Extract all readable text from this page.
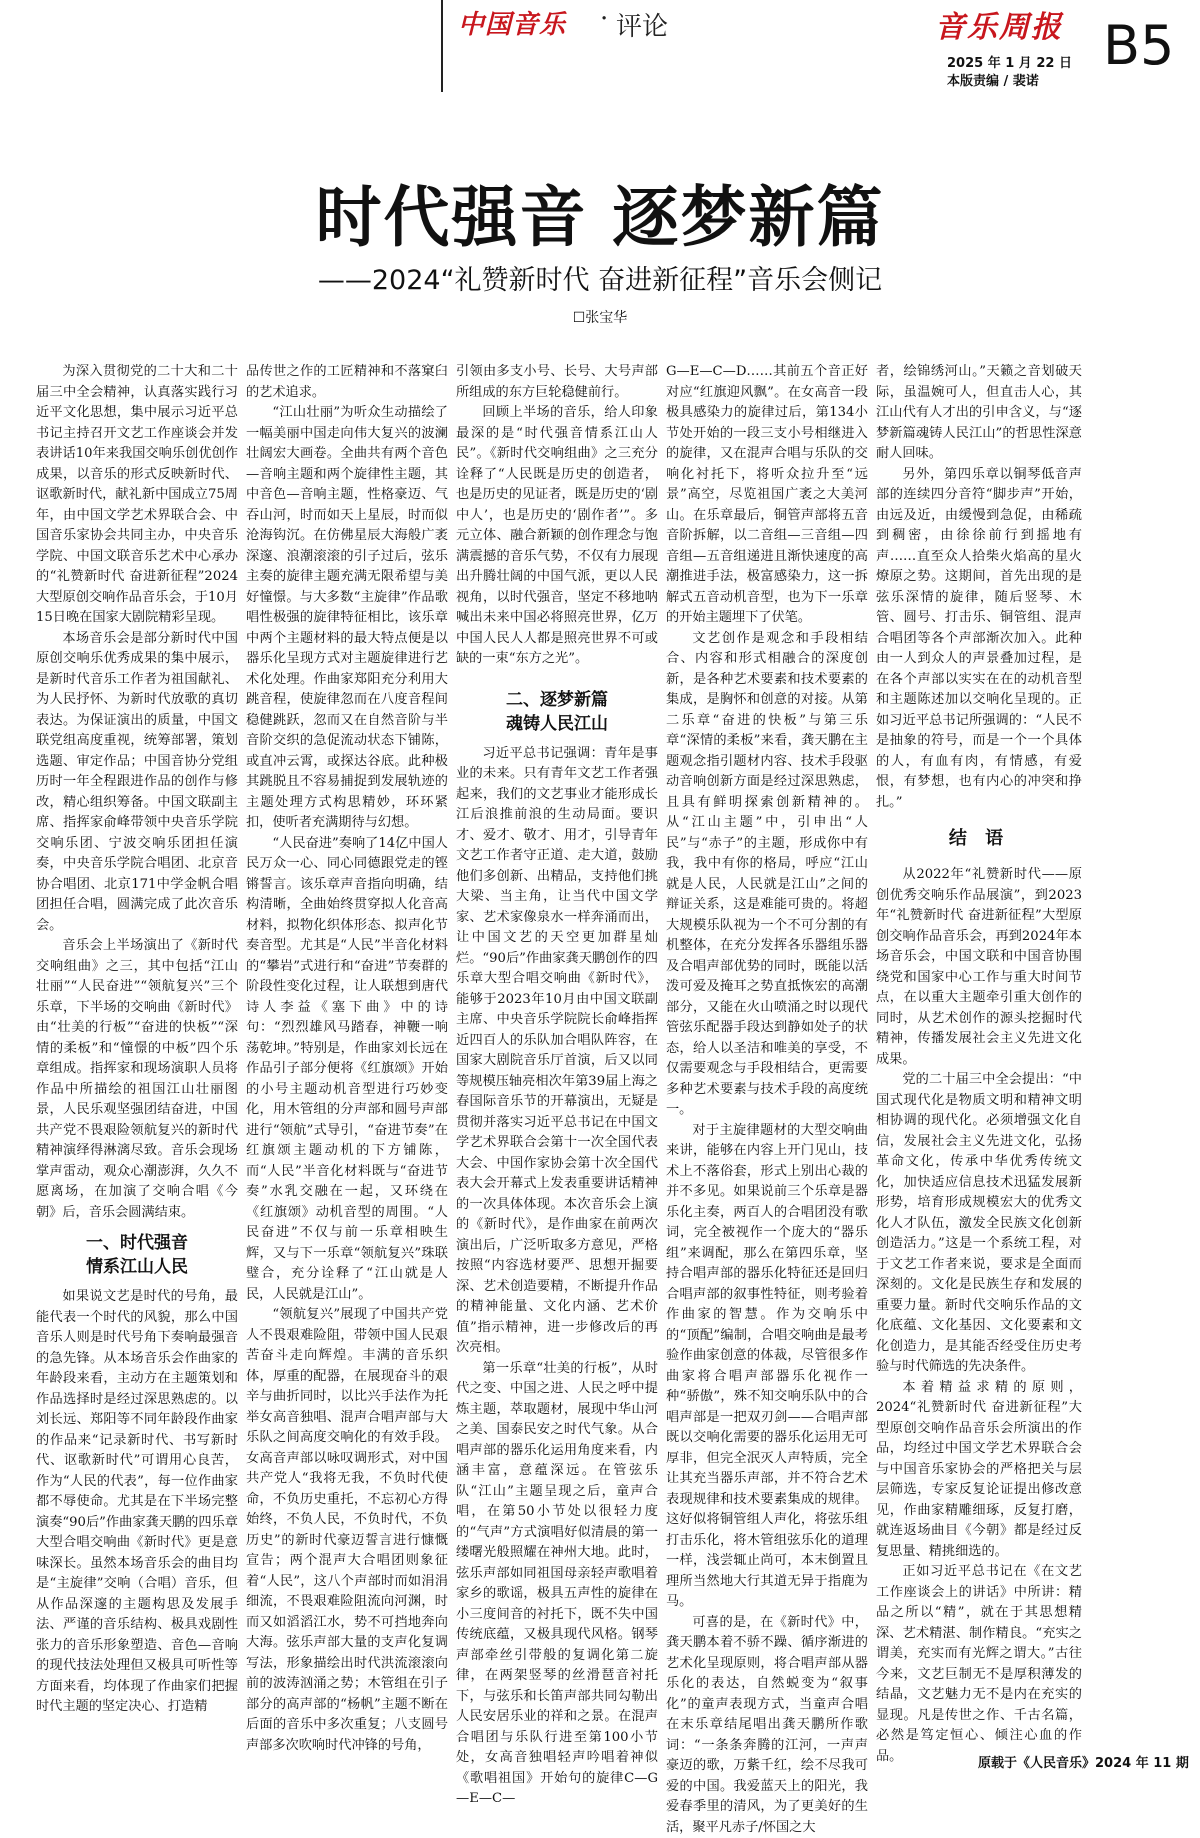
中国音乐 · 评论	音乐周报
2025 年 1 月 22 日
本版责编 / 裴诺
B5
时代强音 逐梦新篇
——2024“礼赞新时代 奋进新征程”音乐会侧记
☐张宝华

为深入贯彻党的二十大和二十届三中全会精神，认真落实践行习近平文化思想，集中展示习近平总书记主持召开文艺工作座谈会并发表讲话10年来我国交响乐创优创作成果，以音乐的形式反映新时代、讴歌新时代，献礼新中国成立75周年，由中国文学艺术界联合会、中国音乐家协会共同主办，中央音乐学院、中国文联音乐艺术中心承办的“礼赞新时代 奋进新征程”2024大型原创交响作品音乐会，于10月15日晚在国家大剧院精彩呈现。

本场音乐会是部分新时代中国原创交响乐优秀成果的集中展示，是新时代音乐工作者为祖国献礼、为人民抒怀、为新时代放歌的真切表达。为保证演出的质量，中国文联党组高度重视，统筹部署，策划选题、审定作品；中国音协分党组历时一年全程跟进作品的创作与修改，精心组织筹备。中国文联副主席、指挥家俞峰带领中央音乐学院交响乐团、宁波交响乐团担任演奏，中央音乐学院合唱团、北京音协合唱团、北京171中学金帆合唱团担任合唱，圆满完成了此次音乐会。

音乐会上半场演出了《新时代交响组曲》之三，其中包括“江山壮丽”“人民奋进”“领航复兴”三个乐章，下半场的交响曲《新时代》由“壮美的行板”“奋进的快板”“深情的柔板”和“憧憬的中板”四个乐章组成。指挥家和现场演职人员将作品中所描绘的祖国江山壮丽图景，人民乐观坚强团结奋进，中国共产党不畏艰险领航复兴的新时代精神演绎得淋漓尽致。音乐会现场掌声雷动，观众心潮澎湃，久久不愿离场，在加演了交响合唱《今朝》后，音乐会圆满结束。

一、时代强音
情系江山人民

如果说文艺是时代的号角，最能代表一个时代的风貌，那么中国音乐人则是时代号角下奏响最强音的急先锋。从本场音乐会作曲家的年龄段来看，主动方在主题策划和作品选择时是经过深思熟虑的。以刘长远、郑阳等不同年龄段作曲家的作品来“记录新时代、书写新时代、讴歌新时代”可谓用心良苦，作为“人民的代表”，每一位作曲家都不辱使命。尤其是在下半场完整演奏“90后”作曲家龚天鹏的四乐章大型合唱交响曲《新时代》更是意味深长。虽然本场音乐会的曲目均是“主旋律”交响（合唱）音乐，但从作品深邃的主题构思及发展手法、严谨的音乐结构、极具戏剧性张力的音乐形象塑造、音色—音响的现代技法处理但又极具可听性等方面来看，均体现了作曲家们把握时代主题的坚定决心、打造精

品传世之作的工匠精神和不落窠臼的艺术追求。

“江山壮丽”为听众生动描绘了一幅美丽中国走向伟大复兴的波澜壮阔宏大画卷。全曲共有两个音色—音响主题和两个旋律性主题，其中音色—音响主题，性格豪迈、气吞山河，时而如天上星辰，时而似沧海钩沉。在仿佛星辰大海般广袤深邃、浪潮滚滚的引子过后，弦乐主奏的旋律主题充满无限希望与美好憧憬。与大多数“主旋律”作品歌唱性极强的旋律特征相比，该乐章中两个主题材料的最大特点便是以器乐化呈现方式对主题旋律进行艺术化处理。作曲家郑阳充分利用大跳音程，使旋律忽而在八度音程间稳健跳跃，忽而又在自然音阶与半音阶交织的急促流动状态下铺陈，或直冲云霄，或探达谷底。此种极其跳脱且不容易捕捉到发展轨迹的主题处理方式构思精妙，环环紧扣，使听者充满期待与幻想。

“人民奋进”奏响了14亿中国人民万众一心、同心同德跟党走的铿锵誓言。该乐章声音指向明确，结构清晰，全曲始终贯穿拟人化音高材料，拟物化织体形态、拟声化节奏音型。尤其是“人民”半音化材料的“攀岩”式进行和“奋进”节奏群的阶段性变化过程，让人联想到唐代诗人李益《塞下曲》中的诗句：“烈烈雄风马踏春，神鞭一响荡乾坤。”特别是，作曲家刘长远在作品引子部分便将《红旗颂》开始的小号主题动机音型进行巧妙变化，用木管组的分声部和圆号声部进行“领航”式导引，“奋进节奏”在红旗颂主题动机的下方铺陈，而“人民”半音化材料既与“奋进节奏”水乳交融在一起，又环绕在《红旗颂》动机音型的周围。“人民奋进”不仅与前一乐章相映生辉，又与下一乐章“领航复兴”珠联璧合，充分诠释了“江山就是人民，人民就是江山”。

“领航复兴”展现了中国共产党人不畏艰难险阻，带领中国人民艰苦奋斗走向辉煌。丰满的音乐织体，厚重的配器，在展现奋斗的艰辛与曲折同时，以比兴手法作为托举女高音独唱、混声合唱声部与大乐队之间高度交响化的有效手段。女高音声部以咏叹调形式，对中国共产党人“我将无我，不负时代使命，不负历史重托，不忘初心方得始终，不负人民，不负时代，不负历史”的新时代豪迈誓言进行慷慨宣告；两个混声大合唱团则象征着“人民”，这八个声部时而如涓涓细流，不畏艰难险阻流向河渊，时而又如滔滔江水，势不可挡地奔向大海。弦乐声部大量的支声化复调写法，形象描绘出时代洪流滚滚向前的波涛汹涌之势；木管组在引子部分的高声部的“杨帆”主题不断在后面的音乐中多次重复；八支圆号声部多次吹响时代冲锋的号角，

引领由多支小号、长号、大号声部所组成的东方巨轮稳健前行。

回顾上半场的音乐，给人印象最深的是“时代强音情系江山人民”。《新时代交响组曲》之三充分诠释了“人民既是历史的创造者，也是历史的见证者，既是历史的‘剧中人’，也是历史的‘剧作者’”。多元立体、融合新颖的创作理念与饱满震撼的音乐气势，不仅有力展现出升腾壮阔的中国气派，更以人民视角，以时代强音，坚定不移地呐喊出未来中国必将照亮世界，亿万中国人民人人都是照亮世界不可或缺的一束“东方之光”。

二、逐梦新篇
魂铸人民江山

习近平总书记强调：青年是事业的未来。只有青年文艺工作者强起来，我们的文艺事业才能形成长江后浪推前浪的生动局面。要识才、爱才、敬才、用才，引导青年文艺工作者守正道、走大道，鼓励他们多创新、出精品，支持他们挑大梁、当主角，让当代中国文学家、艺术家像泉水一样奔涌而出，让中国文艺的天空更加群星灿烂。“90后”作曲家龚天鹏创作的四乐章大型合唱交响曲《新时代》，能够于2023年10月由中国文联副主席、中央音乐学院院长俞峰指挥近四百人的乐队加合唱队阵容，在国家大剧院音乐厅首演，后又以同等规模压轴亮相次年第39届上海之春国际音乐节的开幕演出，无疑是贯彻并落实习近平总书记在中国文学艺术界联合会第十一次全国代表大会、中国作家协会第十次全国代表大会开幕式上发表重要讲话精神的一次具体体现。本次音乐会上演的《新时代》，是作曲家在前两次演出后，广泛听取多方意见，严格按照“内容选材要严、思想开掘要深、艺术创造要精，不断提升作品的精神能量、文化内涵、艺术价值”指示精神，进一步修改后的再次亮相。

第一乐章“壮美的行板”，从时代之变、中国之进、人民之呼中提炼主题，萃取题材，展现中华山河之美、国泰民安之时代气象。从合唱声部的器乐化运用角度来看，内涵丰富，意蕴深远。在管弦乐队“江山”主题呈现之后，童声合唱，在第50小节处以很轻力度的“气声”方式演唱好似清晨的第一缕曙光般照耀在神州大地。此时，弦乐声部如同祖国母亲轻声歌唱着家乡的歌谣，极具五声性的旋律在小三度间音的衬托下，既不失中国传统底蕴，又极具现代风格。钢琴声部牵丝引带般的复调化第二旋律，在两架竖琴的丝滑琶音衬托下，与弦乐和长笛声部共同勾勒出人民安居乐业的祥和之景。在混声合唱团与乐队行进至第100小节处，女高音独唱轻声吟唱着神似《歌唱祖国》开始句的旋律C—G—E—C—

G—E—C—D……其前五个音正好对应“红旗迎风飘”。在女高音一段极具感染力的旋律过后，第134小节处开始的一段三支小号相继进入的旋律，又在混声合唱与乐队的交响化衬托下，将听众拉升至“远景”高空，尽览祖国广袤之大美河山。在乐章最后，铜管声部将五音音阶拆解，以二音组—三音组—四音组—五音组递进且渐快速度的高潮推进手法，极富感染力，这一拆解式五音动机音型，也为下一乐章的开始主题埋下了伏笔。

文艺创作是观念和手段相结合、内容和形式相融合的深度创新，是各种艺术要素和技术要素的集成，是胸怀和创意的对接。从第二乐章“奋进的快板”与第三乐章“深情的柔板”来看，龚天鹏在主题观念指引题材内容、技术手段驱动音响创新方面是经过深思熟虑，且具有鲜明探索创新精神的。从“江山主题”中，引申出“人民”与“赤子”的主题，形成你中有我，我中有你的格局，呼应“江山就是人民，人民就是江山”之间的辩证关系，这是难能可贵的。将超大规模乐队视为一个不可分割的有机整体，在充分发挥各乐器组乐器及合唱声部优势的同时，既能以活泼可爱及掩耳之势直抵恢宏的高潮部分，又能在火山喷涌之时以现代管弦乐配器手段达到静如处子的状态，给人以圣洁和唯美的享受，不仅需要观念与手段相结合，更需要多种艺术要素与技术手段的高度统一。

对于主旋律题材的大型交响曲来讲，能够在内容上开门见山，技术上不落俗套，形式上别出心裁的并不多见。如果说前三个乐章是器乐化主奏，两百人的合唱团没有歌词，完全被视作一个庞大的“器乐组”来调配，那么在第四乐章，坚持合唱声部的器乐化特征还是回归合唱声部的叙事性特征，则考验着作曲家的智慧。作为交响乐中的“顶配”编制，合唱交响曲是最考验作曲家创意的体裁，尽管很多作曲家将合唱声部器乐化视作一种“骄傲”，殊不知交响乐队中的合唱声部是一把双刃剑——合唱声部既以交响化需要的器乐化运用无可厚非，但完全泯灭人声特质，完全让其充当器乐声部，并不符合艺术表现规律和技术要素集成的规律。这好似将铜管组人声化，将弦乐组打击乐化，将木管组弦乐化的道理一样，浅尝辄止尚可，本末倒置且理所当然地大行其道无异于指鹿为马。

可喜的是，在《新时代》中，龚天鹏本着不骄不躁、循序渐进的艺术化呈现原则，将合唱声部从器乐化的表达，自然蜕变为“叙事化”的童声表现方式，当童声合唱在末乐章结尾唱出龚天鹏所作歌词：“一条条奔腾的江河，一声声豪迈的歌，万紫千红，绘不尽我可爱的中国。我爱蓝天上的阳光，我爱春季里的清风，为了更美好的生活，聚平凡赤子/怀国之大

者，绘锦绣河山。”天籁之音划破天际，虽温婉可人，但直击人心，其江山代有人才出的引申含义，与“逐梦新篇魂铸人民江山”的哲思性深意耐人回味。

另外，第四乐章以铜琴低音声部的连续四分音符“脚步声”开始，由远及近，由缓慢到急促，由稀疏到稠密，由徐徐前行到摇地有声……直至众人拾柴火焰高的星火燎原之势。这期间，首先出现的是弦乐深情的旋律，随后竖琴、木管、圆号、打击乐、铜管组、混声合唱团等各个声部渐次加入。此种由一人到众人的声景叠加过程，是在各个声部以实实在在的动机音型和主题陈述加以交响化呈现的。正如习近平总书记所强调的：“人民不是抽象的符号，而是一个一个具体的人，有血有肉，有情感，有爱恨，有梦想，也有内心的冲突和挣扎。”

结 语

从2022年“礼赞新时代——原创优秀交响乐作品展演”，到2023年“礼赞新时代 奋进新征程”大型原创交响作品音乐会，再到2024年本场音乐会，中国文联和中国音协围绕党和国家中心工作与重大时间节点，在以重大主题牵引重大创作的同时，从艺术创作的源头挖掘时代精神，传播发展社会主义先进文化成果。

党的二十届三中全会提出：“中国式现代化是物质文明和精神文明相协调的现代化。必须增强文化自信，发展社会主义先进文化，弘扬革命文化，传承中华优秀传统文化，加快适应信息技术迅猛发展新形势，培育形成规模宏大的优秀文化人才队伍，激发全民族文化创新创造活力。”这是一个系统工程，对于文艺工作者来说，要求是全面而深刻的。文化是民族生存和发展的重要力量。新时代交响乐作品的文化底蕴、文化基因、文化要素和文化创造力，是其能否经受住历史考验与时代筛选的先决条件。

本着精益求精的原则，2024“礼赞新时代 奋进新征程”大型原创交响作品音乐会所演出的作品，均经过中国文学艺术界联合会与中国音乐家协会的严格把关与层层筛选，专家反复论证提出修改意见，作曲家精雕细琢，反复打磨，就连返场曲目《今朝》都是经过反复思量、精挑细选的。

正如习近平总书记在《在文艺工作座谈会上的讲话》中所讲：精品之所以“精”，就在于其思想精深、艺术精湛、制作精良。“充实之谓美，充实而有光辉之谓大。”古往今来，文艺巨制无不是厚积薄发的结晶，文艺魅力无不是内在充实的显现。凡是传世之作、千古名篇，必然是笃定恒心、倾注心血的作品。	原载于《人民音乐》2024 年 11 期
